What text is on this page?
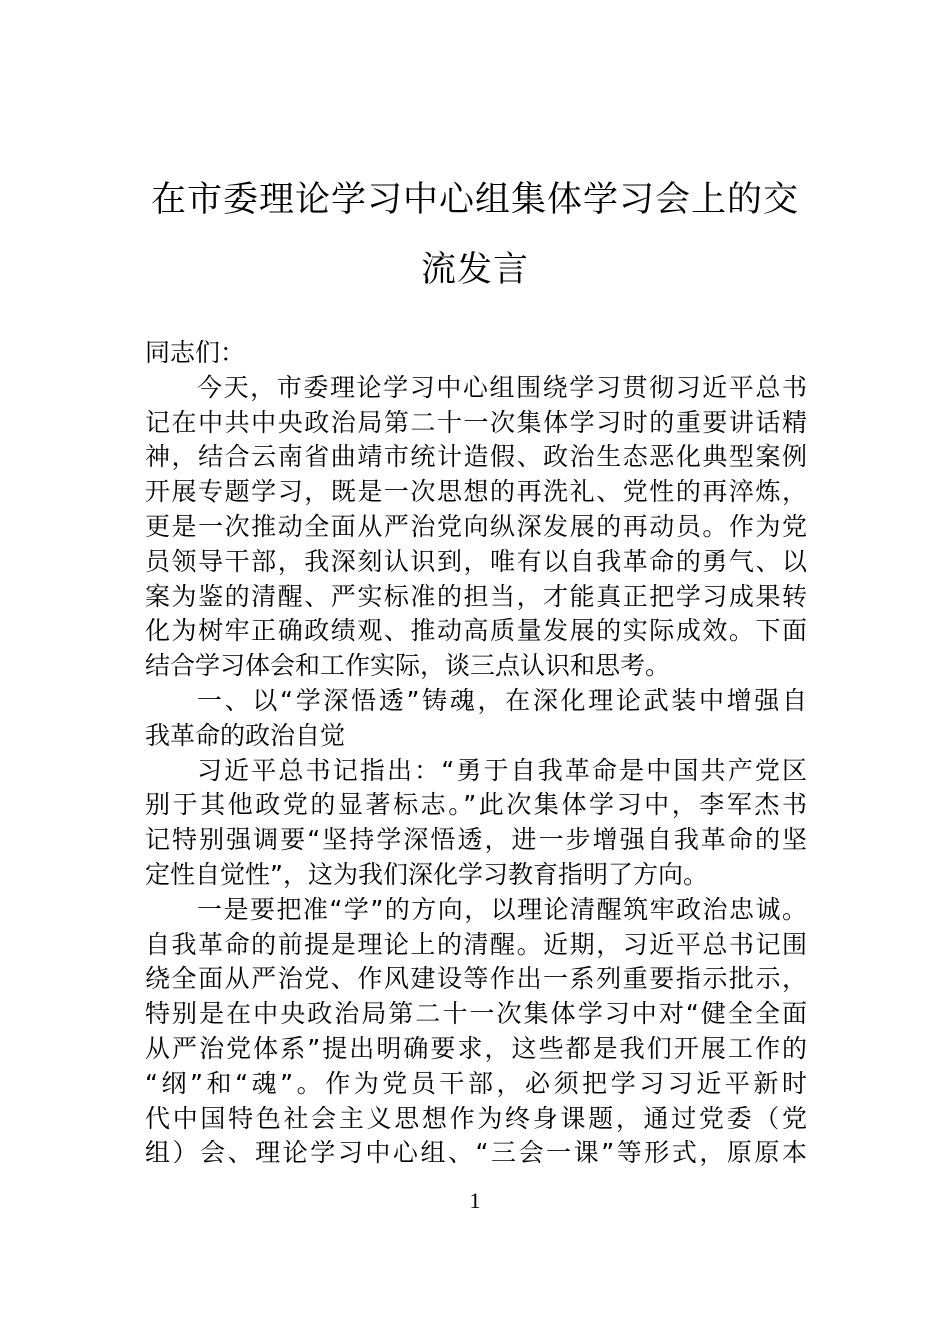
在市委理论学习中心组集体学习会上的交
流发言
同志们：
今天，市委理论学习中心组围绕学习贯彻习近平总书
记在中共中央政治局第二十一次集体学习时的重要讲话精
神，结合云南省曲靖市统计造假、政治生态恶化典型案例
开展专题学习，既是一次思想的再洗礼、党性的再淬炼，
更是一次推动全面从严治党向纵深发展的再动员。作为党
员领导干部，我深刻认识到，唯有以自我革命的勇气、以
案为鉴的清醒、严实标准的担当，才能真正把学习成果转
化为树牢正确政绩观、推动高质量发展的实际成效。下面
结合学习体会和工作实际，谈三点认识和思考。
一、以“学深悟透”铸魂，在深化理论武装中增强自
我革命的政治自觉
习近平总书记指出：“勇于自我革命是中国共产党区
别于其他政党的显著标志。”此次集体学习中，李军杰书
记特别强调要“坚持学深悟透，进一步增强自我革命的坚
定性自觉性”，这为我们深化学习教育指明了方向。
一是要把准“学”的方向，以理论清醒筑牢政治忠诚。
自我革命的前提是理论上的清醒。近期，习近平总书记围
绕全面从严治党、作风建设等作出一系列重要指示批示，
特别是在中央政治局第二十一次集体学习中对“健全全面
从严治党体系”提出明确要求，这些都是我们开展工作的
“纲”和“魂”。作为党员干部，必须把学习习近平新时
代中国特色社会主义思想作为终身课题，通过党委（党
组）会、理论学习中心组、“三会一课”等形式，原原本
1
